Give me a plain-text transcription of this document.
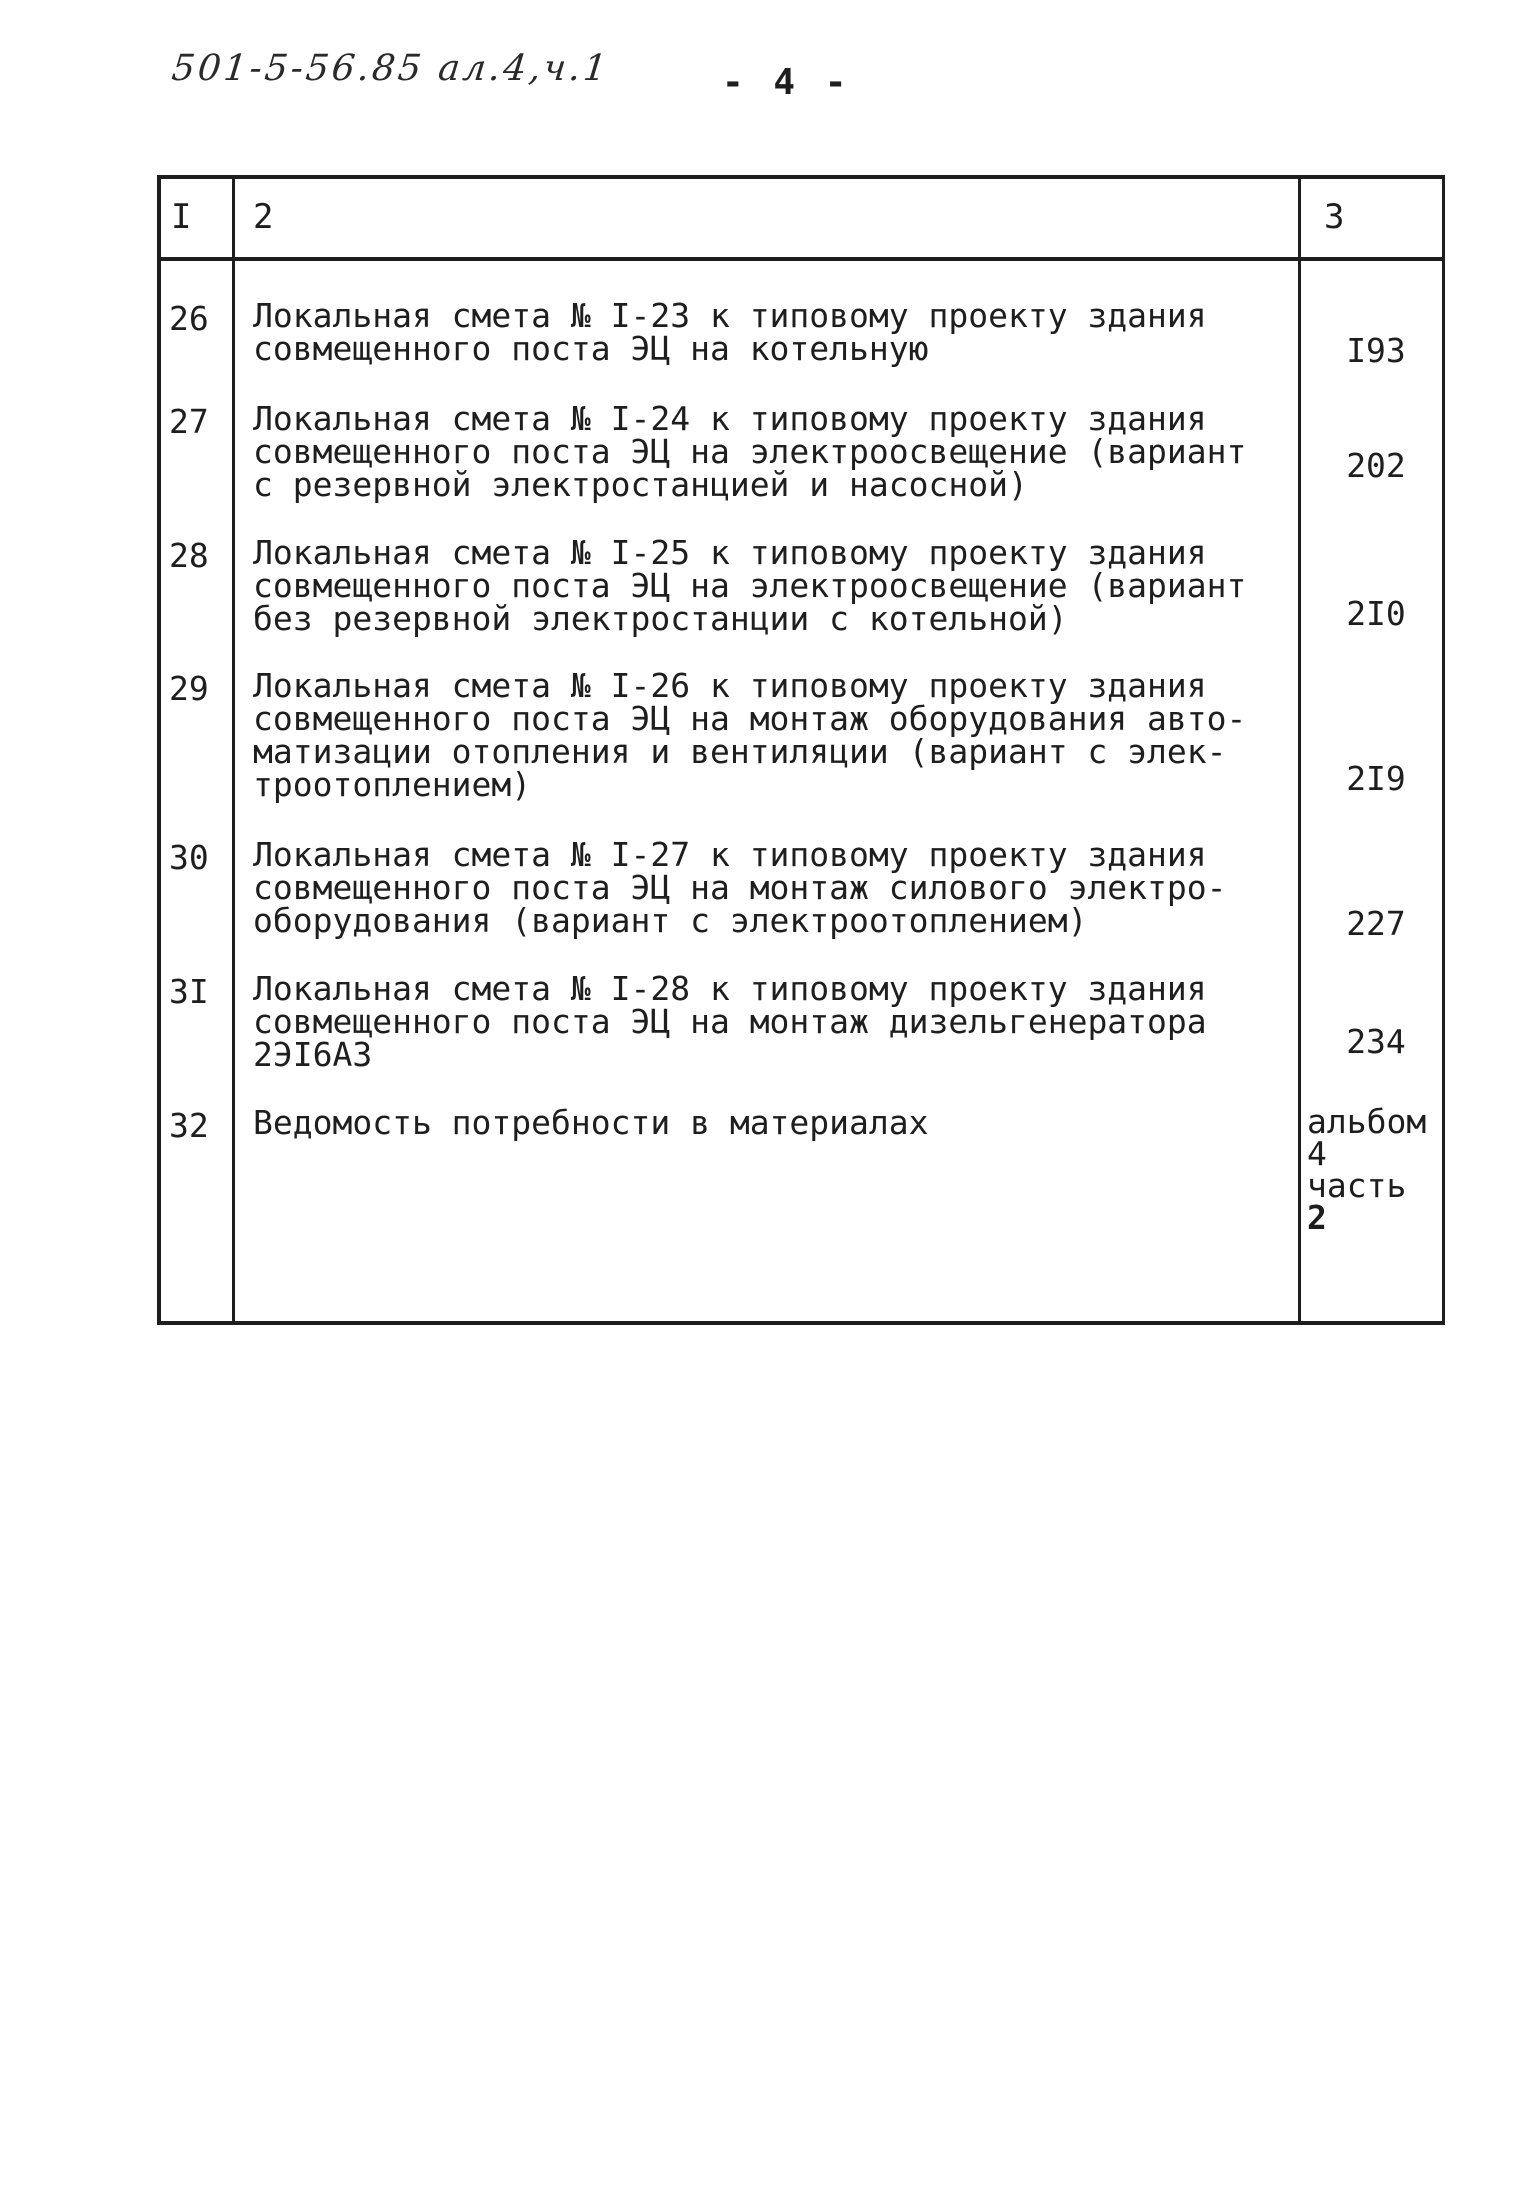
501-5-56.85 ал.4,ч.1	- 4 -
I 2	3
26 Локальная смета № I-23 к типовому проекту здания
совмещенного поста ЭЦ на котельную	I93
27 Локальная смета № I-24 к типовому проекту здания
совмещенного поста ЭЦ на электроосвещение (вариант
с резервной электростанцией и насосной)	202
28 Локальная смета № I-25 к типовому проекту здания
совмещенного поста ЭЦ на электроосвещение (вариант
без резервной электростанции с котельной)	2I0
29 Локальная смета № I-26 к типовому проекту здания
совмещенного поста ЭЦ на монтаж оборудования авто-
матизации отопления и вентиляции (вариант с элек-
троотоплением)	2I9
30 Локальная смета № I-27 к типовому проекту здания
совмещенного поста ЭЦ на монтаж силового электро-
оборудования (вариант с электроотоплением)	227
3I Локальная смета № I-28 к типовому проекту здания
совмещенного поста ЭЦ на монтаж дизельгенератора
2ЭI6АЗ	234
32 Ведомость потребности в материалах	альбом
4
часть
2
